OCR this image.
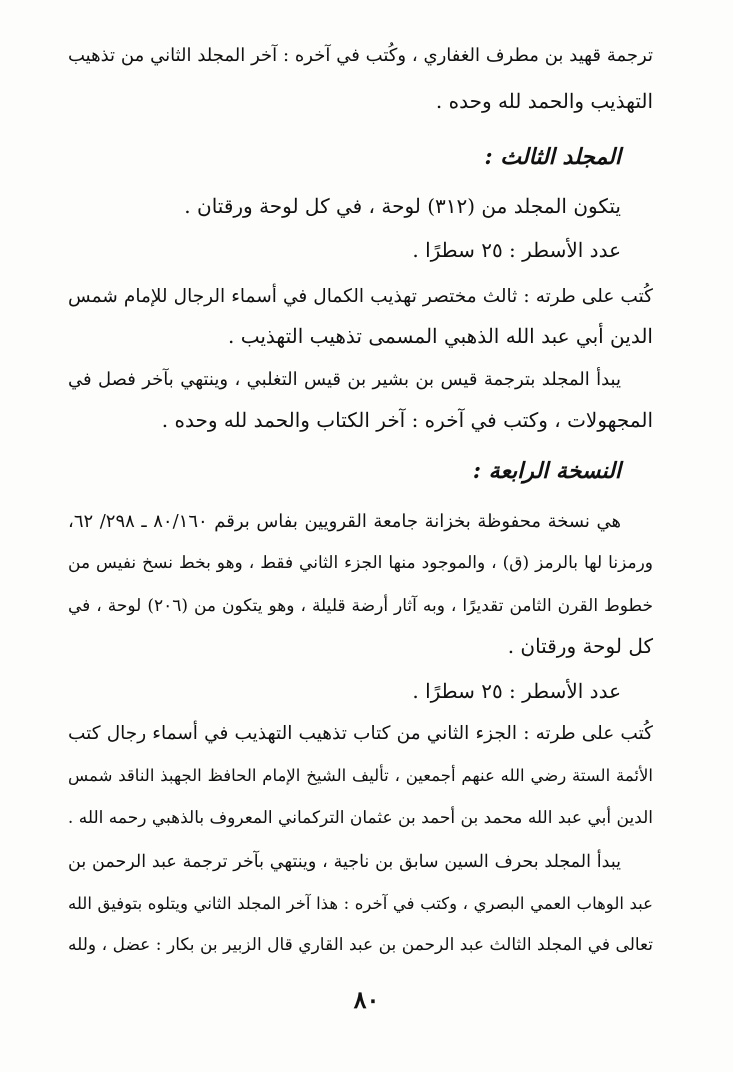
ترجمة قهيد بن مطرف الغفاري ، وكُتب في آخره : آخر المجلد الثاني من تذهيب
التهذيب والحمد لله وحده .
المجلد الثالث :
يتكون المجلد من (٣١٢) لوحة ، في كل لوحة ورقتان .
عدد الأسطر : ٢٥ سطرًا .
كُتب على طرته : ثالث مختصر تهذيب الكمال في أسماء الرجال للإمام شمس
الدين أبي عبد الله الذهبي المسمى تذهيب التهذيب .
يبدأ المجلد بترجمة قيس بن بشير بن قيس التغلبي ، وينتهي بآخر فصل في
المجهولات ، وكتب في آخره : آخر الكتاب والحمد لله وحده .
النسخة الرابعة :
هي نسخة محفوظة بخزانة جامعة القرويين بفاس برقم ٨٠/١٦٠ ـ ٢٩٨/ ٦٢،
ورمزنا لها بالرمز (ق) ، والموجود منها الجزء الثاني فقط ، وهو بخط نسخ نفيس من
خطوط القرن الثامن تقديرًا ، وبه آثار أرضة قليلة ، وهو يتكون من (٢٠٦) لوحة ، في
كل لوحة ورقتان .
عدد الأسطر : ٢٥ سطرًا .
كُتب على طرته : الجزء الثاني من كتاب تذهيب التهذيب في أسماء رجال كتب
الأئمة الستة رضي الله عنهم أجمعين ، تأليف الشيخ الإمام الحافظ الجهبذ الناقد شمس
الدين أبي عبد الله محمد بن أحمد بن عثمان التركماني المعروف بالذهبي رحمه الله .
يبدأ المجلد بحرف السين سابق بن ناجية ، وينتهي بآخر ترجمة عبد الرحمن بن
عبد الوهاب العمي البصري ، وكتب في آخره : هذا آخر المجلد الثاني ويتلوه بتوفيق الله
تعالى في المجلد الثالث عبد الرحمن بن عبد القاري قال الزبير بن بكار : عضل ، ولله
٨٠
